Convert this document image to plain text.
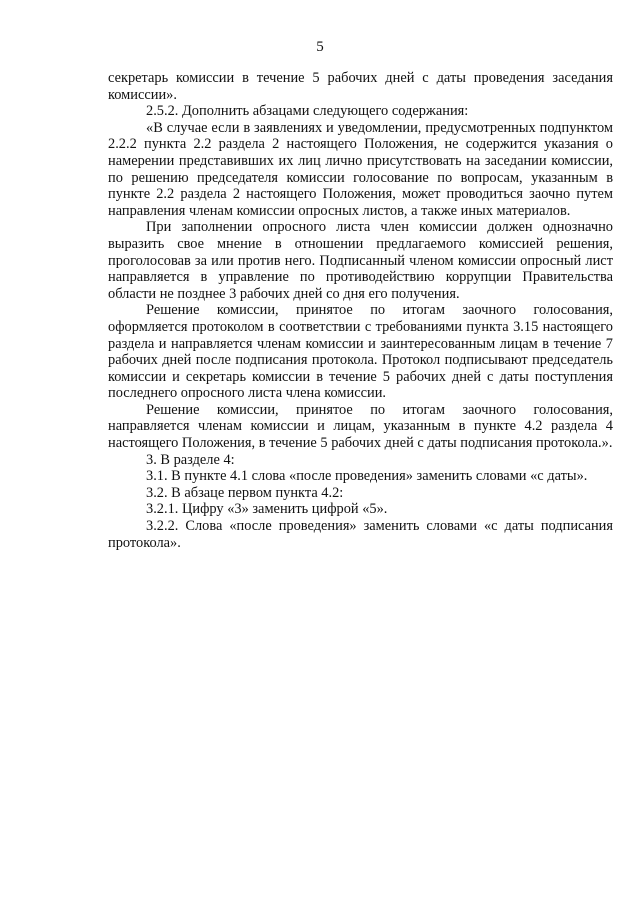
5

секретарь комиссии в течение 5 рабочих дней с даты проведения заседания комиссии».

2.5.2. Дополнить абзацами следующего содержания:

«В случае если в заявлениях и уведомлении, предусмотренных подпунктом 2.2.2 пункта 2.2 раздела 2 настоящего Положения, не содержится указания о намерении представивших их лиц лично присутствовать на заседании комиссии, по решению председателя комиссии голосование по вопросам, указанным в пункте 2.2 раздела 2 настоящего Положения, может проводиться заочно путем направления членам комиссии опросных листов, а также иных материалов.

При заполнении опросного листа член комиссии должен однозначно выразить свое мнение в отношении предлагаемого комиссией решения, проголосовав за или против него. Подписанный членом комиссии опросный лист направляется в управление по противодействию коррупции Правительства области не позднее 3 рабочих дней со дня его получения.

Решение комиссии, принятое по итогам заочного голосования, оформляется протоколом в соответствии с требованиями пункта 3.15 настоящего раздела и направляется членам комиссии и заинтересованным лицам в течение 7 рабочих дней после подписания протокола. Протокол подписывают председатель комиссии и секретарь комиссии в течение 5 рабочих дней с даты поступления последнего опросного листа члена комиссии.

Решение комиссии, принятое по итогам заочного голосования, направляется членам комиссии и лицам, указанным в пункте 4.2 раздела 4 настоящего Положения, в течение 5 рабочих дней с даты подписания протокола.».

3. В разделе 4:

3.1. В пункте 4.1 слова «после проведения» заменить словами «с даты».

3.2. В абзаце первом пункта 4.2:

3.2.1. Цифру «3» заменить цифрой «5».

3.2.2. Слова «после проведения» заменить словами «с даты подписания протокола».
